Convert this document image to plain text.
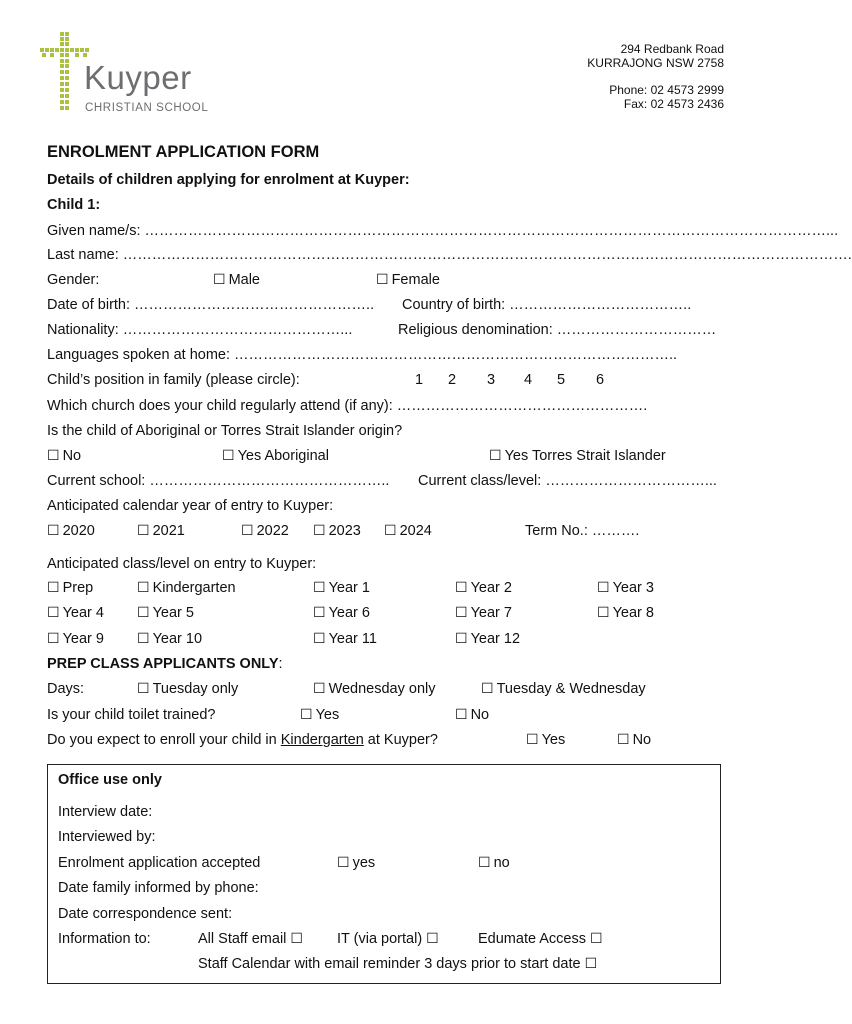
Kuyper
CHRISTIAN SCHOOL
294 Redbank Road
KURRAJONG NSW 2758
Phone: 02 4573 2999
Fax: 02 4573 2436
ENROLMENT APPLICATION FORM
Details of children applying for enrolment at Kuyper:
Child 1:
Given name/s: ……………………………………………………………………………………………………………………………...
Last name: …………………………………………………………………………………………………………………………………….
Gender:	☐ Male	☐ Female
Date of birth: ………………………………………….. Country of birth: ………………………………..
Nationality: ………………………………………...	Religious denomination: ……………………………
Languages spoken at home: ………………………………………………………………………………..
Child’s position in family (please circle):	1 2 3 4 5 6
Which church does your child regularly attend (if any): …………………………………………….
Is the child of Aboriginal or Torres Strait Islander origin?
☐ No	☐ Yes Aboriginal	☐ Yes Torres Strait Islander
Current school: ………………………………………….. Current class/level: ……………………………...
Anticipated calendar year of entry to Kuyper:
☐ 2020	☐ 2021	☐ 2022	☐ 2023	☐ 2024	Term No.: ……….
Anticipated class/level on entry to Kuyper:
☐ Prep	☐ Kindergarten	☐ Year 1	☐ Year 2	☐ Year 3
☐ Year 4	☐ Year 5	☐ Year 6	☐ Year 7	☐ Year 8
☐ Year 9	☐ Year 10	☐ Year 11	☐ Year 12
PREP CLASS APPLICANTS ONLY:
Days:	☐ Tuesday only	☐ Wednesday only	☐ Tuesday & Wednesday
Is your child toilet trained?	☐ Yes	☐ No
Do you expect to enroll your child in Kindergarten at Kuyper?	☐ Yes	☐ No
Office use only
Interview date:
Interviewed by:
Enrolment application accepted	☐ yes	☐ no
Date family informed by phone:
Date correspondence sent:
Information to:	All Staff email ☐	IT (via portal) ☐	Edumate Access ☐
Staff Calendar with email reminder 3 days prior to start date ☐
